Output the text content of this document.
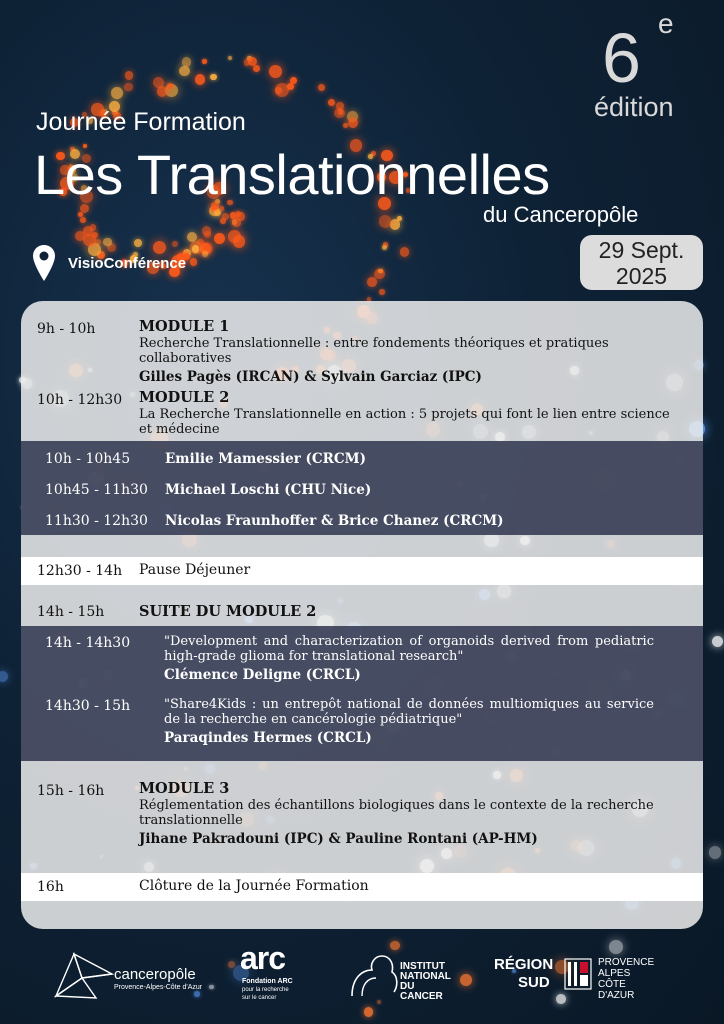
6 e
édition
Journée Formation
Les Translationnelles
du Canceropôle
VisioConférence	29 Sept.
2025
9h - 10h	MODULE 1
Recherche Translationnelle : entre fondements théoriques et pratiques collaboratives
Gilles Pagès (IRCAN) & Sylvain Garciaz (IPC)
10h - 12h30 MODULE 2
La Recherche Translationnelle en action : 5 projets qui font le lien entre science et médecine
10h - 10h45	Emilie Mamessier (CRCM)
10h45 - 11h30 Michael Loschi (CHU Nice)
11h30 - 12h30 Nicolas Fraunhoffer & Brice Chanez (CRCM)
12h30 - 14h Pause Déjeuner
14h - 15h SUITE DU MODULE 2
14h - 14h30	"Development and characterization of organoids derived from pediatric high-grade glioma for translational research"
Clémence Deligne (CRCL)
14h30 - 15h	"Share4Kids : un entrepôt national de données multiomiques au service de la recherche en cancérologie pédiatrique"
Paraqindes Hermes (CRCL)
15h - 16h MODULE 3
Réglementation des échantillons biologiques dans le contexte de la recherche translationnelle
Jihane Pakradouni (IPC) & Pauline Rontani (AP-HM)
16h	Clôture de la Journée Formation
canceropôle
Provence-Alpes-Côte d'Azur
arc
Fondation ARC
pour la recherche
sur le cancer
INSTITUT
NATIONAL
DU CANCER
RÉGION
SUD
PROVENCE
ALPES
CÔTE D'AZUR
